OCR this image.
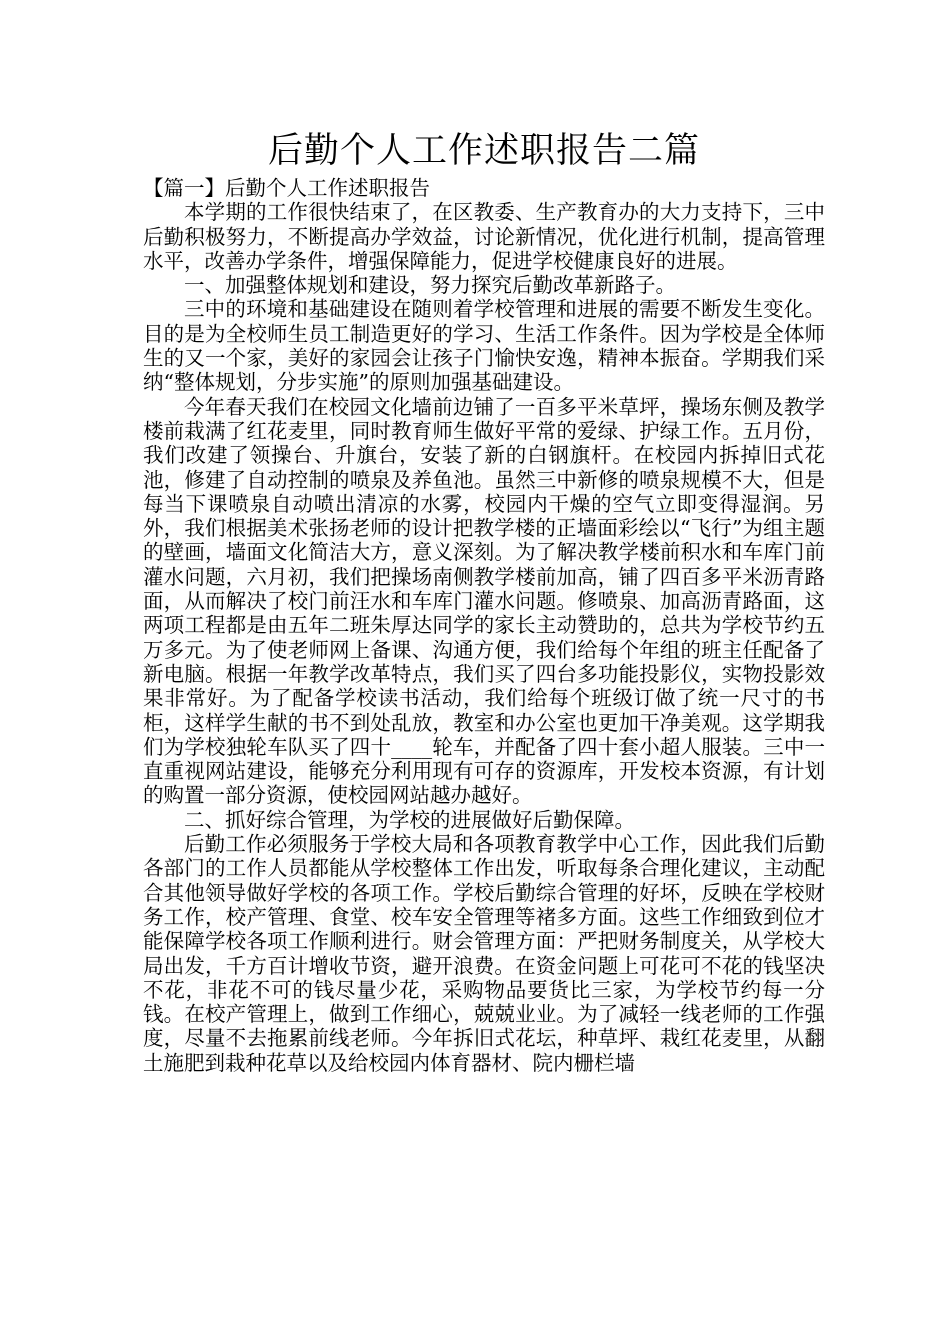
后勤个人工作述职报告二篇

【篇一】后勤个人工作述职报告

本学期的工作很快结束了，在区教委、生产教育办的大力支持下，三中后勤积极努力，不断提高办学效益，讨论新情况，优化进行机制，提高管理水平，改善办学条件，增强保障能力，促进学校健康良好的进展。

一、加强整体规划和建设，努力探究后勤改革新路子。

三中的环境和基础建设在随则着学校管理和进展的需要不断发生变化。目的是为全校师生员工制造更好的学习、生活工作条件。因为学校是全体师生的又一个家，美好的家园会让孩子门愉快安逸，精神本振奋。学期我们采纳“整体规划，分步实施”的原则加强基础建设。

今年春天我们在校园文化墙前边铺了一百多平米草坪，操场东侧及教学楼前栽满了红花麦里，同时教育师生做好平常的爱绿、护绿工作。五月份，我们改建了领操台、升旗台，安装了新的白钢旗杆。在校园内拆掉旧式花池，修建了自动控制的喷泉及养鱼池。虽然三中新修的喷泉规模不大，但是每当下课喷泉自动喷出清凉的水雾，校园内干燥的空气立即变得湿润。另外，我们根据美术张扬老师的设计把教学楼的正墙面彩绘以“飞行”为组主题的壁画，墙面文化简洁大方，意义深刻。为了解决教学楼前积水和车库门前灌水问题，六月初，我们把操场南侧教学楼前加高，铺了四百多平米沥青路面，从而解决了校门前汪水和车库门灌水问题。修喷泉、加高沥青路面，这两项工程都是由五年二班朱厚达同学的家长主动赞助的，总共为学校节约五万多元。为了使老师网上备课、沟通方便，我们给每个年组的班主任配备了新电脑。根据一年教学改革特点，我们买了四台多功能投影仪，实物投影效果非常好。为了配备学校读书活动，我们给每个班级订做了统一尺寸的书柜，这样学生献的书不到处乱放，教室和办公室也更加干净美观。这学期我们为学校独轮车队买了四十____轮车，并配备了四十套小超人服装。三中一直重视网站建设，能够充分利用现有可存的资源库，开发校本资源，有计划的购置一部分资源，使校园网站越办越好。

二、抓好综合管理，为学校的进展做好后勤保障。

后勤工作必须服务于学校大局和各项教育教学中心工作，因此我们后勤各部门的工作人员都能从学校整体工作出发，听取每条合理化建议，主动配合其他领导做好学校的各项工作。学校后勤综合管理的好坏，反映在学校财务工作，校产管理、食堂、校车安全管理等褚多方面。这些工作细致到位才能保障学校各项工作顺利进行。财会管理方面：严把财务制度关，从学校大局出发，千方百计增收节资，避开浪费。在资金问题上可花可不花的钱坚决不花，非花不可的钱尽量少花，采购物品要货比三家，为学校节约每一分钱。在校产管理上，做到工作细心，兢兢业业。为了减轻一线老师的工作强度，尽量不去拖累前线老师。今年拆旧式花坛，种草坪、栽红花麦里，从翻土施肥到栽种花草以及给校园内体育器材、院内栅栏墙
